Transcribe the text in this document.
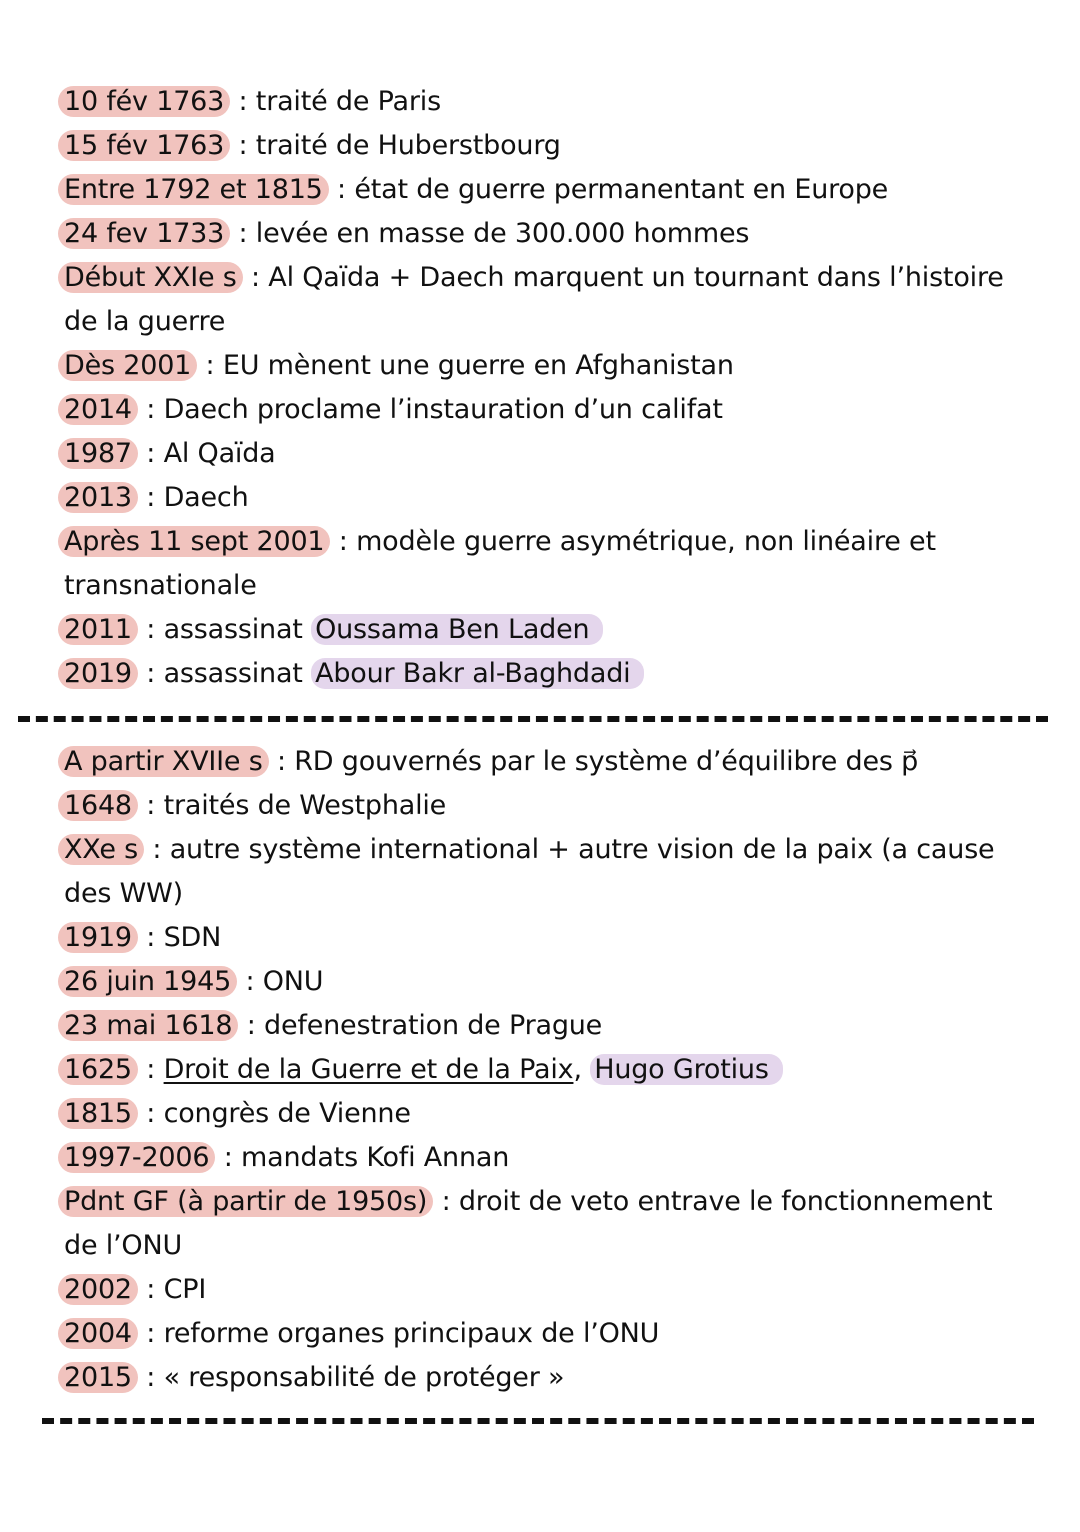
10 fév 1763 : traité de Paris
15 fév 1763 : traité de Huberstbourg
Entre 1792 et 1815 : état de guerre permanentant en Europe
24 fev 1733 : levée en masse de 300.000 hommes
Début XXIe s : Al Qaïda + Daech marquent un tournant dans l’histoire de la guerre
Dès 2001 : EU mènent une guerre en Afghanistan
2014 : Daech proclame l’instauration d’un califat
1987 : Al Qaïda
2013 : Daech
Après 11 sept 2001 : modèle guerre asymétrique, non linéaire et transnationale
2011 : assassinat Oussama Ben Laden
2019 : assassinat Abour Bakr al-Baghdadi
A partir XVIIe s : RD gouvernés par le système d’équilibre des p⃗
1648 : traités de Westphalie
XXe s : autre système international + autre vision de la paix (a cause des WW)
1919 : SDN
26 juin 1945 : ONU
23 mai 1618 : defenestration de Prague
1625 : Droit de la Guerre et de la Paix, Hugo Grotius
1815 : congrès de Vienne
1997-2006 : mandats Kofi Annan
Pdnt GF (à partir de 1950s) : droit de veto entrave le fonctionnement de l’ONU
2002 : CPI
2004 : reforme organes principaux de l’ONU
2015 : « responsabilité de protéger »
